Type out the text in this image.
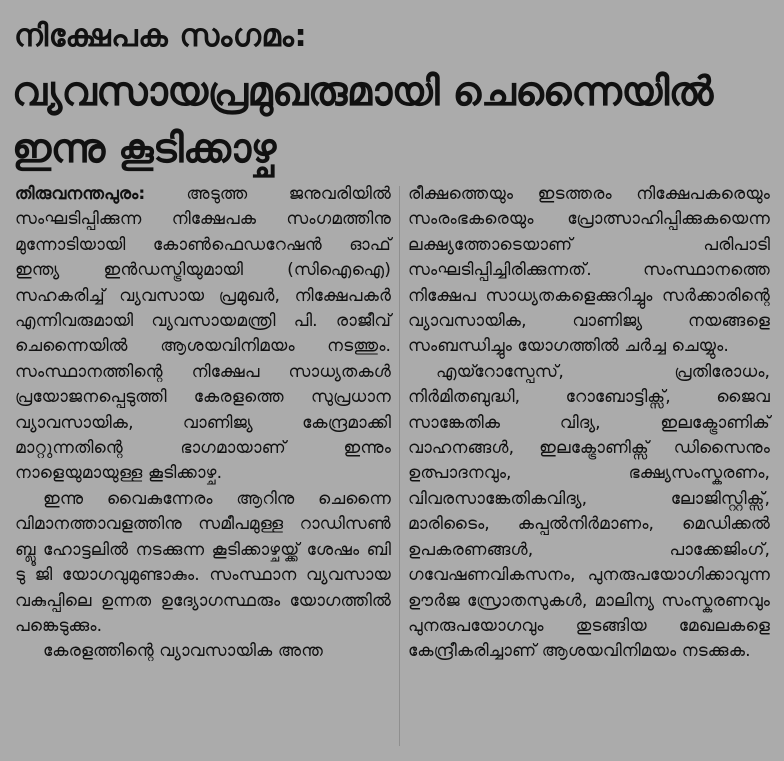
നിക്ഷേപക സംഗമം:
വ്യവസായപ്രമുഖരുമായി ചെന്നൈയിൽ
ഇന്നു കൂടിക്കാഴ്ച

തിരുവനന്തപുരം: അടുത്ത ജനുവരിയിൽ സംഘടിപ്പിക്കുന്ന നിക്ഷേപക സംഗമത്തിനു മുന്നോടിയായി കോൺഫെഡറേഷൻ ഓഫ് ഇന്ത്യ ഇൻഡസ്ട്രിയുമായി (സിഐഐ) സഹകരിച്ച് വ്യവസായ പ്രമുഖർ, നിക്ഷേപകർ എന്നിവരുമായി വ്യവസായമന്ത്രി പി. രാജീവ് ചെന്നൈയിൽ ആശയവിനിമയം നടത്തും. സംസ്ഥാനത്തിന്റെ നിക്ഷേപ സാധ്യതകൾ പ്രയോജനപ്പെടുത്തി കേരളത്തെ സുപ്രധാന വ്യാവസായിക, വാണിജ്യ കേന്ദ്രമാക്കി മാറ്റുന്നതിന്റെ ഭാഗമായാണ് ഇന്നും നാളെയുമായുള്ള കൂടിക്കാഴ്ച.

ഇന്നു വൈകുന്നേരം ആറിനു ചെന്നൈ വിമാനത്താവളത്തിനു സമീപമുള്ള റാഡിസൺ ബ്ലൂ ഹോട്ടലിൽ നടക്കുന്ന കൂടിക്കാഴ്ചയ്ക്ക് ശേഷം ബി ടു ജി യോഗവുമുണ്ടാകും. സംസ്ഥാന വ്യവസായ വകുപ്പിലെ ഉന്നത ഉദ്യോഗസ്ഥരും യോഗത്തിൽ പങ്കെടുക്കും.

കേരളത്തിന്റെ വ്യാവസായിക അന്ത

രീക്ഷത്തെയും ഇടത്തരം നിക്ഷേപകരെയും സംരംഭകരെയും പ്രോത്സാഹിപ്പിക്കുകയെന്ന ലക്ഷ്യത്തോടെയാണ് പരിപാടി സംഘടിപ്പിച്ചിരിക്കുന്നത്. സംസ്ഥാനത്തെ നിക്ഷേപ സാധ്യതകളെക്കുറിച്ചും സർക്കാരിന്റെ വ്യാവസായിക, വാണിജ്യ നയങ്ങളെ സംബന്ധിച്ചും യോഗത്തിൽ ചർച്ച ചെയ്യും.

എയ്റോസ്പേസ്, പ്രതിരോധം, നിർമിതബുദ്ധി, റോബോട്ടിക്സ്, ജൈവ സാങ്കേതിക വിദ്യ, ഇലക്ട്രോണിക് വാഹനങ്ങൾ, ഇലക്ട്രോണിക്സ് ഡിസൈനും ഉത്പാദനവും, ഭക്ഷ്യസംസ്കരണം, വിവരസാങ്കേതികവിദ്യ, ലോജിസ്റ്റിക്സ്, മാരിടൈം, കപ്പൽനിർമാണം, മെഡിക്കൽ ഉപകരണങ്ങൾ, പാക്കേജിംഗ്, ഗവേഷണവികസനം, പുനരുപയോഗിക്കാവുന്ന ഊർജ സ്രോതസുകൾ, മാലിന്യ സംസ്കരണവും പുനരുപയോഗവും തുടങ്ങിയ മേഖലകളെ കേന്ദ്രീകരിച്ചാണ് ആശയവിനിമയം നടക്കുക.
